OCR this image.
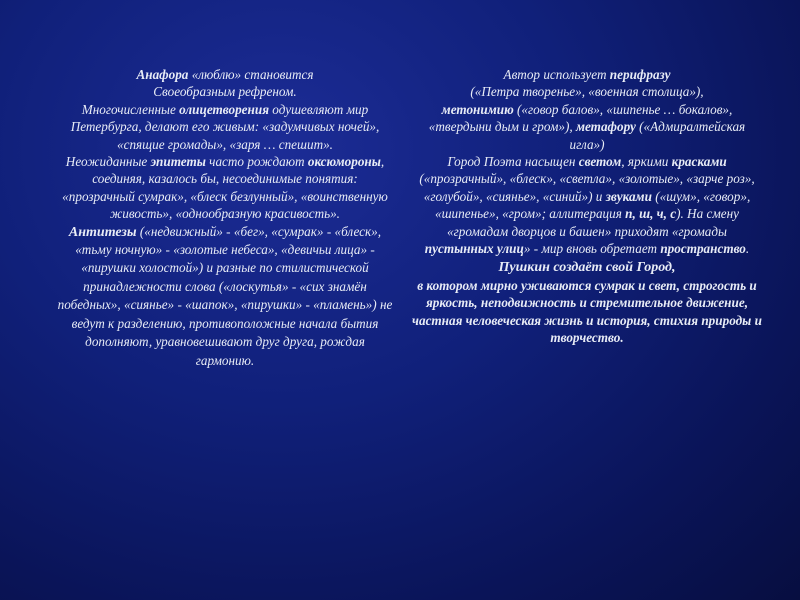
Анафора «люблю» становится

Своеобразным рефреном.

Многочисленные олицетворения одушевляют мир Петербурга, делают его живым: «задумчивых ночей», «спящие громады», «заря … спешит».

Неожиданные эпитеты часто рождают оксюмороны, соединяя, казалось бы, несоединимые понятия: «прозрачный сумрак», «блеск безлунный», «воинственную живость», «однообразную красивость».

Антитезы («недвижный» - «бег», «сумрак» - «блеск», «тьму ночную» - «золотые небеса», «девичьи лица» - «пирушки холостой») и разные по стилистической принадлежности слова («лоскутья» - «сих знамён победных», «сиянье» - «шапок», «пирушки» - «пламень») не ведут к разделению, противоположные начала бытия дополняют, уравновешивают друг друга, рождая гармонию.

Автор использует перифразу

(«Петра творенье», «военная столица»),

метонимию («говор балов», «шипенье … бокалов», «твердыни дым и гром»), метафору («Адмиралтейская игла»)

Город Поэта насыщен светом, яркими красками («прозрачный», «блеск», «светла», «золотые», «зарче роз», «голубой», «сиянье», «синий») и звуками («шум», «говор», «шипенье», «гром»; аллитерация п, ш, ч, с). На смену «громадам дворцов и башен» приходят «громады пустынных улиц» - мир вновь обретает пространство.

Пушкин создаёт свой Город,

в котором мирно уживаются сумрак и свет, строгость и яркость, неподвижность и стремительное движение, частная человеческая жизнь и история, стихия природы и творчество.
